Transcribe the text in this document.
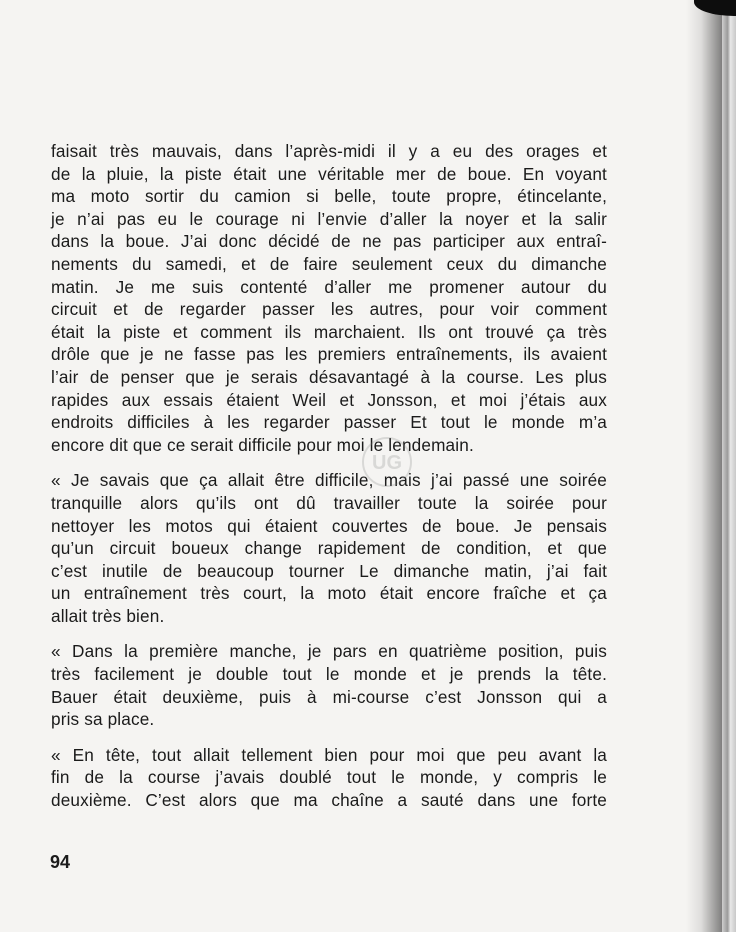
faisait très mauvais, dans l’après-midi il y a eu des orages et
de la pluie, la piste était une véritable mer de boue. En voyant
ma moto sortir du camion si belle, toute propre, étincelante,
je n’ai pas eu le courage ni l’envie d’aller la noyer et la salir
dans la boue. J’ai donc décidé de ne pas participer aux entraî-
nements du samedi, et de faire seulement ceux du dimanche
matin. Je me suis contenté d’aller me promener autour du
circuit et de regarder passer les autres, pour voir comment
était la piste et comment ils marchaient. Ils ont trouvé ça très
drôle que je ne fasse pas les premiers entraînements, ils avaient
l’air de penser que je serais désavantagé à la course. Les plus
rapides aux essais étaient Weil et Jonsson, et moi j’étais aux
endroits difficiles à les regarder passer Et tout le monde m’a
encore dit que ce serait difficile pour moi le lendemain.

« Je savais que ça allait être difficile, mais j’ai passé une soirée
tranquille alors qu’ils ont dû travailler toute la soirée pour
nettoyer les motos qui étaient couvertes de boue. Je pensais
qu’un circuit boueux change rapidement de condition, et que
c’est inutile de beaucoup tourner Le dimanche matin, j’ai fait
un entraînement très court, la moto était encore fraîche et ça
allait très bien.

« Dans la première manche, je pars en quatrième position, puis
très facilement je double tout le monde et je prends la tête.
Bauer était deuxième, puis à mi-course c’est Jonsson qui a
pris sa place.

« En tête, tout allait tellement bien pour moi que peu avant la
fin de la course j’avais doublé tout le monde, y compris le
deuxième. C’est alors que ma chaîne a sauté dans une forte

UG
94
